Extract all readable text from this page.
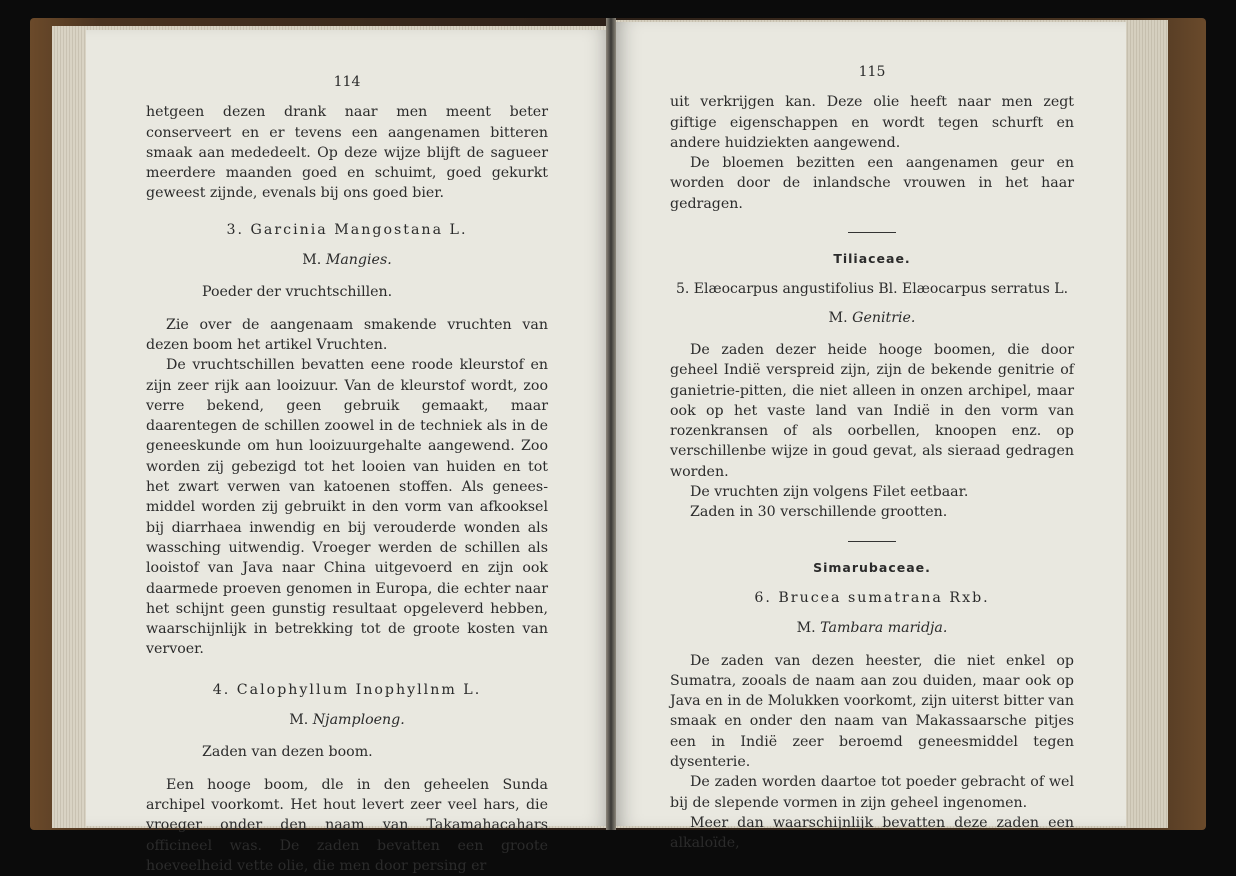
114

hetgeen dezen drank naar men meent beter conserveert en er tevens een aangenamen bitteren smaak aan mededeelt. Op deze wijze blijft de sagueer meerdere maanden goed en schuimt, goed gekurkt geweest zijnde, evenals bij ons goed bier.

3. Garcinia Mangostana L.
M. Mangies.
Poeder der vruchtschillen.

Zie over de aangenaam smakende vruchten van dezen boom het artikel Vruchten.

De vruchtschillen bevatten eene roode kleurstof en zijn zeer rijk aan looizuur. Van de kleurstof wordt, zoo verre bekend, geen gebruik gemaakt, maar daarentegen de schillen zoowel in de techniek als in de geneeskunde om hun looizuurgehalte aangewend. Zoo worden zij gebezigd tot het looien van huiden en tot het zwart verwen van katoenen stoffen. Als genees-middel worden zij gebruikt in den vorm van afkooksel bij diarrhaea inwendig en bij verouderde wonden als wassching uitwendig. Vroeger werden de schillen als looistof van Java naar China uitgevoerd en zijn ook daarmede proeven genomen in Europa, die echter naar het schijnt geen gunstig resultaat opgeleverd hebben, waarschijnlijk in betrekking tot de groote kosten van vervoer.

4. Calophyllum Inophyllnm L.
M. Njamploeng.
Zaden van dezen boom.

Een hooge boom, dle in den geheelen Sunda archipel voorkomt. Het hout levert zeer veel hars, die vroeger onder den naam van Takamahacahars officineel was. De zaden bevatten een groote hoeveelheid vette olie, die men door persing er

115

uit verkrijgen kan. Deze olie heeft naar men zegt giftige eigenschappen en wordt tegen schurft en andere huidziekten aangewend.

De bloemen bezitten een aangenamen geur en worden door de inlandsche vrouwen in het haar gedragen.

Tiliaceae.
5. Elæocarpus angustifolius Bl. Elæocarpus serratus L.
M. Genitrie.

De zaden dezer heide hooge boomen, die door geheel Indië verspreid zijn, zijn de bekende genitrie of ganietrie-pitten, die niet alleen in onzen archipel, maar ook op het vaste land van Indië in den vorm van rozenkransen of als oorbellen, knoopen enz. op verschillenbe wijze in goud gevat, als sieraad gedragen worden.

De vruchten zijn volgens Filet eetbaar.

Zaden in 30 verschillende grootten.

Simarubaceae.
6. Brucea sumatrana Rxb.
M. Tambara maridja.

De zaden van dezen heester, die niet enkel op Sumatra, zooals de naam aan zou duiden, maar ook op Java en in de Molukken voorkomt, zijn uiterst bitter van smaak en onder den naam van Makassaarsche pitjes een in Indië zeer beroemd geneesmiddel tegen dysenterie.

De zaden worden daartoe tot poeder gebracht of wel bij de slepende vormen in zijn geheel ingenomen.

Meer dan waarschijnlijk bevatten deze zaden een alkaloïde,
